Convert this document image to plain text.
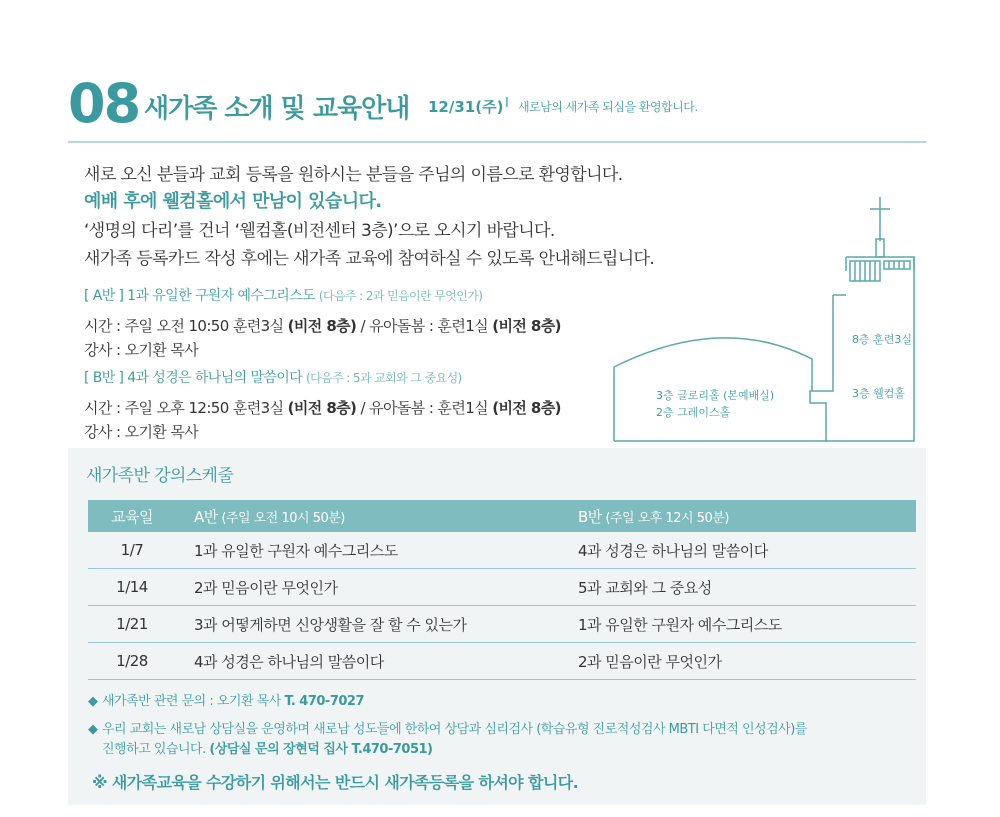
08 새가족 소개 및 교육안내 12/31(주) I 새로남의 새가족 되심을 환영합니다.
새로 오신 분들과 교회 등록을 원하시는 분들을 주님의 이름으로 환영합니다.
예배 후에 웰컴홀에서 만남이 있습니다.
‘생명의 다리’를 건너 ‘웰컴홀(비전센터 3층)’으로 오시기 바랍니다.
새가족 등록카드 작성 후에는 새가족 교육에 참여하실 수 있도록 안내해드립니다.
[ A반 ] 1과 유일한 구원자 예수그리스도 (다음주 : 2과 믿음이란 무엇인가)
시간 : 주일 오전 10:50 훈련3실 (비전 8층) / 유아돌봄 : 훈련1실 (비전 8층)
강사 : 오기환 목사
[ B반 ] 4과 성경은 하나님의 말씀이다 (다음주 : 5과 교회와 그 중요성)
시간 : 주일 오후 12:50 훈련3실 (비전 8층) / 유아돌봄 : 훈련1실 (비전 8층)
강사 : 오기환 목사
8층 훈련3실
3층 웰컴홀
3층 글로리홀 (본예배실)
2층 그레이스홀
새가족반 강의스케줄
교육일	A반 (주일 오전 10시 50분)	B반 (주일 오후 12시 50분)
1/7	1과 유일한 구원자 예수그리스도	4과 성경은 하나님의 말씀이다
1/14	2과 믿음이란 무엇인가	5과 교회와 그 중요성
1/21	3과 어떻게하면 신앙생활을 잘 할 수 있는가	1과 유일한 구원자 예수그리스도
1/28	4과 성경은 하나님의 말씀이다	2과 믿음이란 무엇인가
◆ 새가족반 관련 문의 : 오기환 목사 T. 470-7027
◆ 우리 교회는 새로남 상담실을 운영하며 새로남 성도들에 한하여 상담과 심리검사 (학습유형 진로적성검사 MBTI 다면적 인성검사)를
진행하고 있습니다. (상담실 문의 장현덕 집사 T.470-7051)
※ 새가족교육을 수강하기 위해서는 반드시 새가족등록을 하셔야 합니다.
